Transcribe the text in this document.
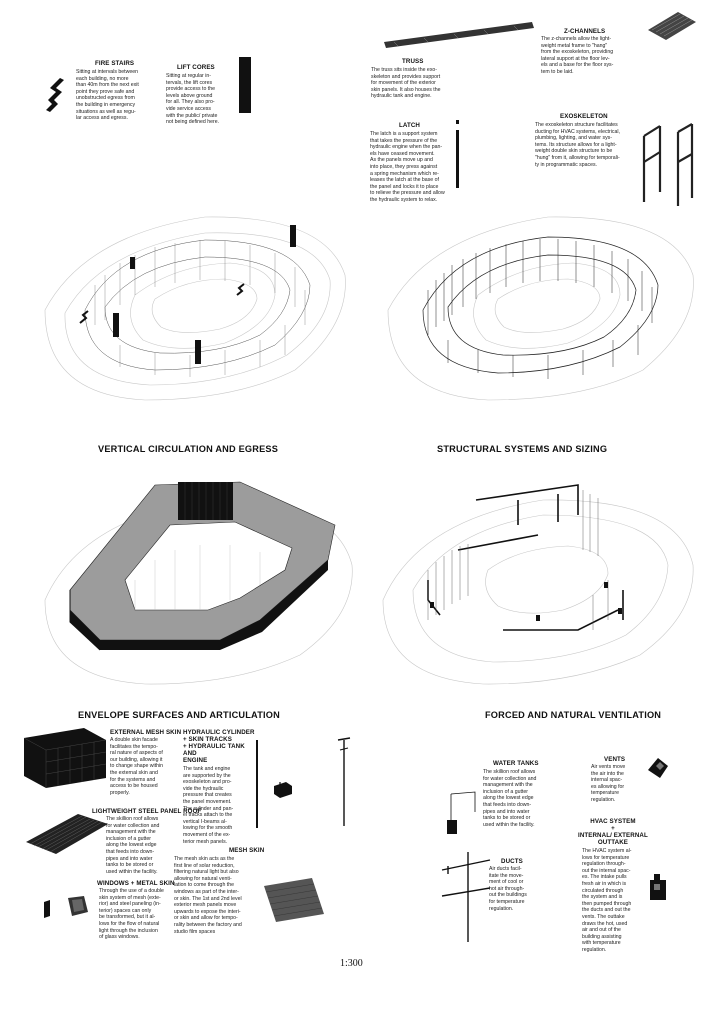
FIRE STAIRS
Sitting at intervals between
each building, no more
than 40m from the next exit
point they prove safe and
unobstructed egress from
the building in emergency
situations as well as regu-
lar access and egress.
LIFT CORES
Sitting at regular in-
tervals, the lift cores
provide access to the
levels above ground
for all. They also pro-
vide service access
with the public/ private
not being defined here.
VERTICAL CIRCULATION AND EGRESS
TRUSS
The truss sits inside the exo-
skeleton and provides support
for movement of the exterior
skin panels. It also houses the
hydraulic tank and engine.
Z-CHANNELS
The z-channels allow the light-
weight metal frame to "hang"
from the exoskeleton, providing
lateral support at the floor lev-
els and a base for the floor sys-
tem to be laid.
LATCH
The latch is a support system
that takes the pressure of the
hydraulic engine when the pan-
els have ceased movement.
As the panels move up and
into place, they press against
a spring mechanism which re-
leases the latch at the base of
the panel and locks it to place
to relieve the pressure and allow
the hydraulic system to relax.
EXOSKELETON
The exoskeleton structure facilitates
ducting for HVAC systems, electrical,
plumbing, lighting, and water sys-
tems. Its structure allows for a light-
weight double skin structure to be
"hung" from it, allowing for temporali-
ty in programmatic spaces.
STRUCTURAL SYSTEMS AND SIZING
ENVELOPE SURFACES AND ARTICULATION
EXTERNAL MESH SKIN
A double skin facade
facilitates the tempo-
ral nature of aspects of
our building, allowing it
to change shape within
the external skin and
for the systems and
access to be housed
properly.
HYDRAULIC CYLINDER
+ SKIN TRACKS
+ HYDRAULIC TANK
AND
ENGINE
The tank and engine
are supported by the
exoskeleton and pro-
vide the hydraulic
pressure that creates
the panel movement.
The cylinder and pan-
el tracks attach to the
vertical I-beams al-
lowing for the smooth
movement of the ex-
terior mesh panels.
LIGHTWEIGHT STEEL PANEL ROOF
The skillion roof allows
for water collection and
management with the
inclusion of a gutter
along the lowest edge
that feeds into down-
pipes and into water
tanks to be stored or
used within the facility.
MESH SKIN
The mesh skin acts as the
first line of solar reduction,
filtering natural light but also
allowing for natural venti-
lation to come through the
windows as part of the inter-
or skin. The 1st and 2nd level
exterior mesh panels move
upwards to expose the interi-
or skin and allow for tempo-
rality between the factory and
studio film spaces
WINDOWS + METAL SKIN
Through the use of a double
skin system of mesh (exte-
rior) and steel paneling (in-
terior) spaces can only
be transformed, but it al-
lows for the flow of natural
light through the inclusion
of glass windows.
FORCED AND NATURAL VENTILATION
WATER TANKS
The skillion roof allows
for water collection and
management with the
inclusion of a gutter
along the lowest edge
that feeds into down-
pipes and into water
tanks to be stored or
used within the facility.
VENTS
Air vents move
the air into the
internal spac-
es allowing for
temperature
regulation.
HVAC SYSTEM
+
INTERNAL/ EXTERNAL
OUTTAKE
The HVAC system al-
lows for temperature
regulation through-
out the internal spac-
es. The intake pulls
fresh air in which is
circulated through
the system and is
then pumped through
the ducts and out the
vents. The outtake
draws the hot, used
air and out of the
building assisting
with temperature
regulation.
DUCTS
Air ducts facil-
itate the move-
ment of cool or
hot air through-
out the buildings
for temperature
regulation.
1:300
